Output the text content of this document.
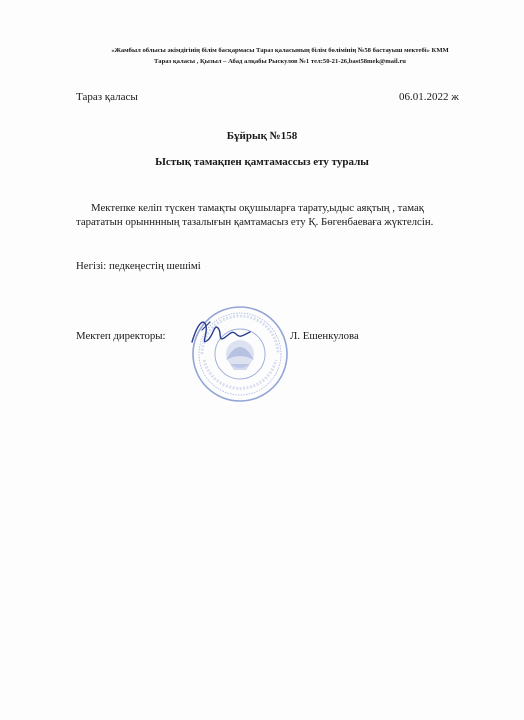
«Жамбыл облысы әкімдігінің білім басқармасы Тараз қаласының білім бөлімінің №58 бастауыш мектебі» КММ
Тараз қаласы , Қызыл – Абад алқабы Рыскулов №1 тел:50-21-26,bast58mek@mail.ru
Тараз қаласы	06.01.2022 ж
Бұйрық №158
Ыстық тамақпен қамтамассыз ету туралы
Мектепке келіп түскен тамақты оқушыларға тарату,ыдыс аяқтың , тамақ
тарататын орынннның тазалығын қамтамасыз ету Қ. Бөгенбаевағa жүктелсін.
Негізі: педкеңестің шешімі
Мектеп директоры:	Л. Ешенкулова
